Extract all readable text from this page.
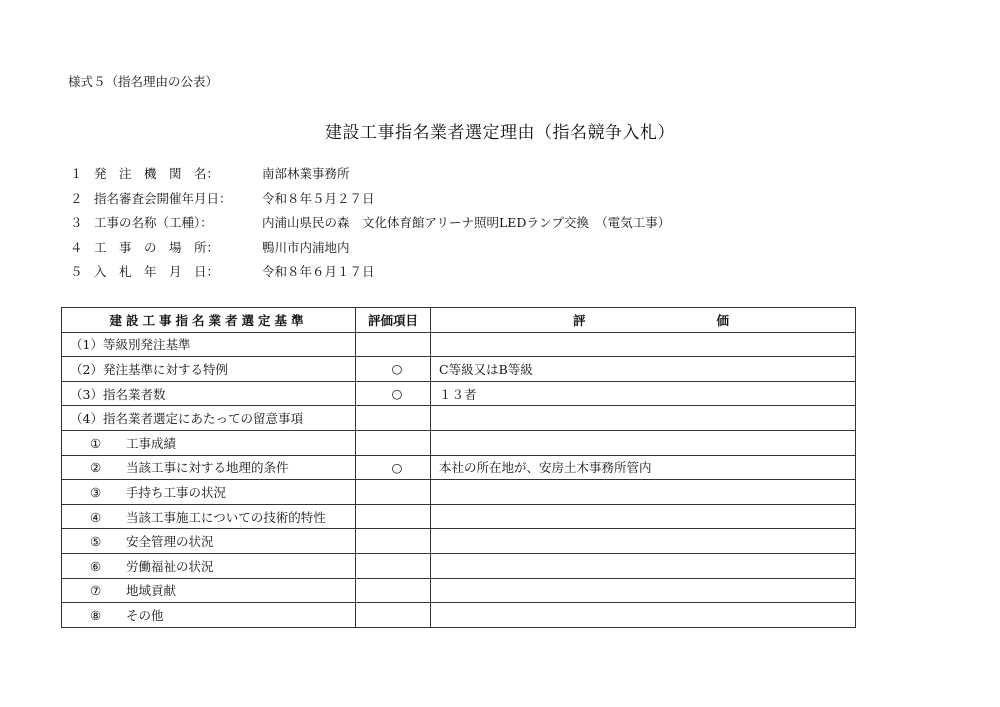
様式５（指名理由の公表）
建設工事指名業者選定理由（指名競争入札）
１ 発　注　機　関　名：	南部林業事務所
２ 指名審査会開催年月日：	令和８年５月２７日
３ 工事の名称（工種）：	内浦山県民の森　文化体育館アリーナ照明LEDランプ交換　（電気工事）
４ 工　事　の　場　所：	鴨川市内浦地内
５ 入　札　年　月　日：	令和８年６月１７日
建設工事指名業者選定基準	評価項目	評 価

（1）等級別発注基準		
（2）発注基準に対する特例	○	C等級又はB等級
（3）指名業者数	○	１３者
（4）指名業者選定にあたっての留意事項		
① 工事成績		
② 当該工事に対する地理的条件	○	本社の所在地が、安房土木事務所管内
③ 手持ち工事の状況		
④ 当該工事施工についての技術的特性		
⑤ 安全管理の状況		
⑥ 労働福祉の状況		
⑦ 地域貢献		
⑧ その他		
